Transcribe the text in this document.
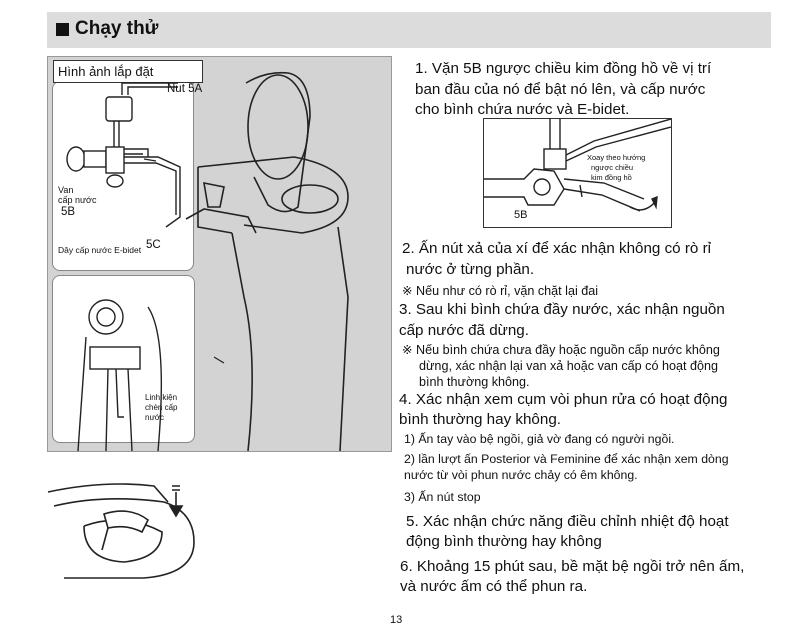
Chạy thử
Hình ảnh lắp đặt
Nut 5A
Van
cấp nước
5B
Dây cấp nước E-bidet 5C
Linh kiện
chèn cấp
nước
Xoay theo hướng
ngược chiều
kim đồng hồ
5B
1. Vặn 5B ngược chiều kim đồng hồ về vị trí
ban đầu của nó để bật nó lên, và cấp nước
cho bình chứa nước và E-bidet.
2. Ấn nút xả của xí để xác nhận không có rò rỉ
nước ở từng phần.
※ Nếu như có rò rỉ, vặn chặt lại đai
3. Sau khi bình chứa đầy nước, xác nhận nguồn
cấp nước đã dừng.
※ Nếu bình chứa chưa đầy hoặc nguồn cấp nước không
dừng, xác nhận lại van xả hoặc van cấp có hoạt động
bình thường không.
4. Xác nhận xem cụm vòi phun rửa có hoạt động
bình thường hay không.
1) Ấn tay vào bệ ngồi, giả vờ đang có người ngồi.
2) lần lượt ấn Posterior và Feminine để xác nhận xem dòng
nước từ vòi phun nước chảy có êm không.
3) Ấn nút stop
5. Xác nhận chức năng điều chỉnh nhiệt độ hoạt
động bình thường hay không
6. Khoảng 15 phút sau, bề mặt bệ ngồi trở nên ấm,
và nước ấm có thể phun ra.
13
